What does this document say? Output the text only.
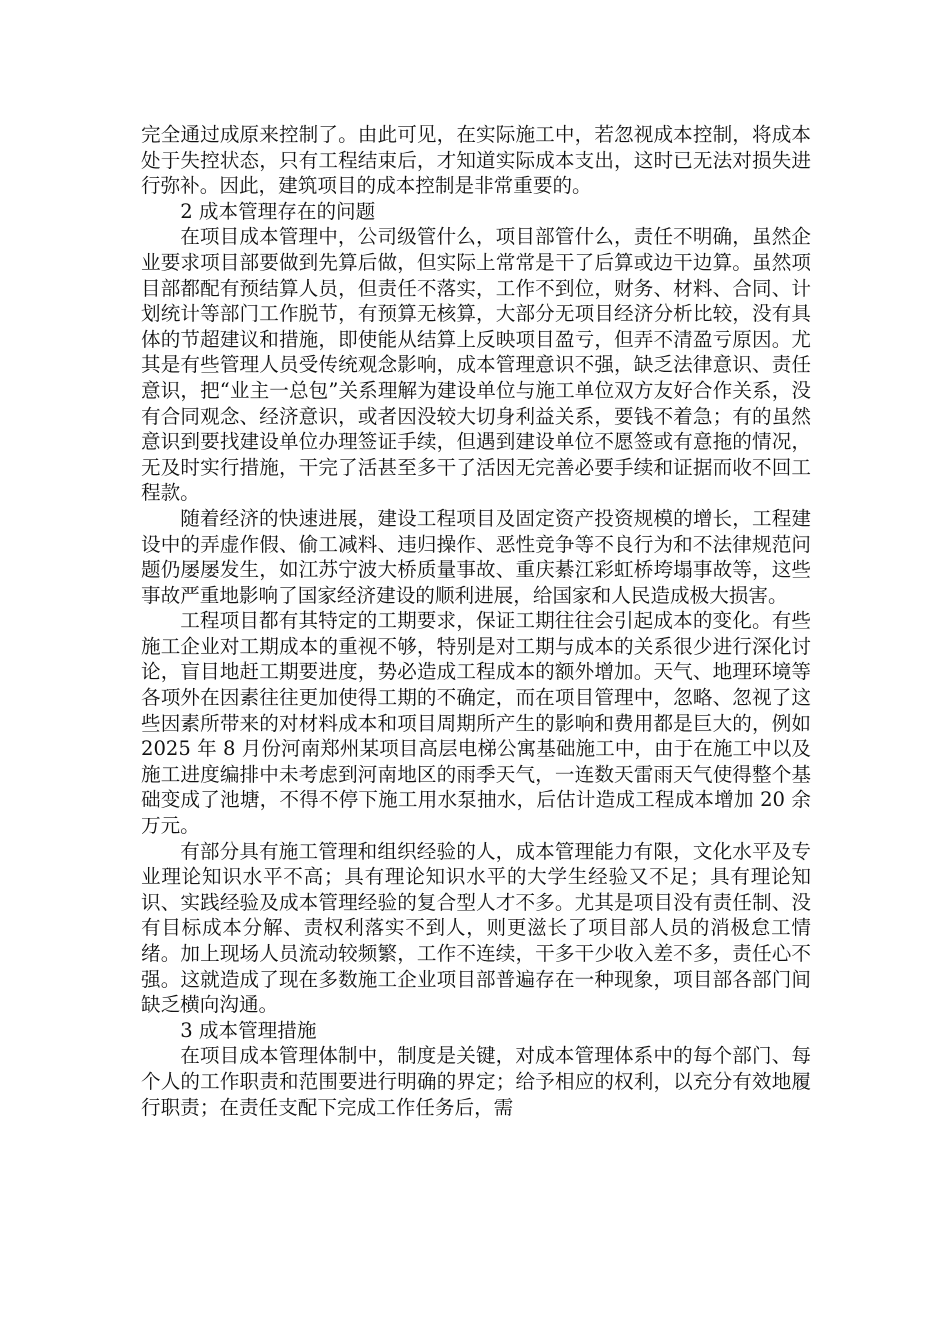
完全通过成原来控制了。由此可见，在实际施工中，若忽视成本控制，将成本处于失控状态，只有工程结束后，才知道实际成本支出，这时已无法对损失进行弥补。因此，建筑项目的成本控制是非常重要的。

2 成本管理存在的问题

在项目成本管理中，公司级管什么，项目部管什么，责任不明确，虽然企业要求项目部要做到先算后做，但实际上常常是干了后算或边干边算。虽然项目部都配有预结算人员，但责任不落实，工作不到位，财务、材料、合同、计划统计等部门工作脱节，有预算无核算，大部分无项目经济分析比较，没有具体的节超建议和措施，即使能从结算上反映项目盈亏，但弄不清盈亏原因。尤其是有些管理人员受传统观念影响，成本管理意识不强，缺乏法律意识、责任意识，把“业主一总包”关系理解为建设单位与施工单位双方友好合作关系，没有合同观念、经济意识，或者因没较大切身利益关系，要钱不着急；有的虽然意识到要找建设单位办理签证手续，但遇到建设单位不愿签或有意拖的情况，无及时实行措施，干完了活甚至多干了活因无完善必要手续和证据而收不回工程款。

随着经济的快速进展，建设工程项目及固定资产投资规模的增长，工程建设中的弄虚作假、偷工减料、违归操作、恶性竞争等不良行为和不法律规范问题仍屡屡发生，如江苏宁波大桥质量事故、重庆綦江彩虹桥垮塌事故等，这些事故严重地影响了国家经济建设的顺利进展，给国家和人民造成极大损害。

工程项目都有其特定的工期要求，保证工期往往会引起成本的变化。有些施工企业对工期成本的重视不够，特别是对工期与成本的关系很少进行深化讨论，盲目地赶工期要进度，势必造成工程成本的额外增加。天气、地理环境等各项外在因素往往更加使得工期的不确定，而在项目管理中，忽略、忽视了这些因素所带来的对材料成本和项目周期所产生的影响和费用都是巨大的，例如 2025 年 8 月份河南郑州某项目高层电梯公寓基础施工中，由于在施工中以及施工进度编排中未考虑到河南地区的雨季天气，一连数天雷雨天气使得整个基础变成了池塘，不得不停下施工用水泵抽水，后估计造成工程成本增加 20 余万元。

有部分具有施工管理和组织经验的人，成本管理能力有限，文化水平及专业理论知识水平不高；具有理论知识水平的大学生经验又不足；具有理论知识、实践经验及成本管理经验的复合型人才不多。尤其是项目没有责任制、没有目标成本分解、责权利落实不到人，则更滋长了项目部人员的消极怠工情绪。加上现场人员流动较频繁，工作不连续，干多干少收入差不多，责任心不强。这就造成了现在多数施工企业项目部普遍存在一种现象，项目部各部门间缺乏横向沟通。

3 成本管理措施

在项目成本管理体制中，制度是关键，对成本管理体系中的每个部门、每个人的工作职责和范围要进行明确的界定；给予相应的权利，以充分有效地履行职责；在责任支配下完成工作任务后，需
